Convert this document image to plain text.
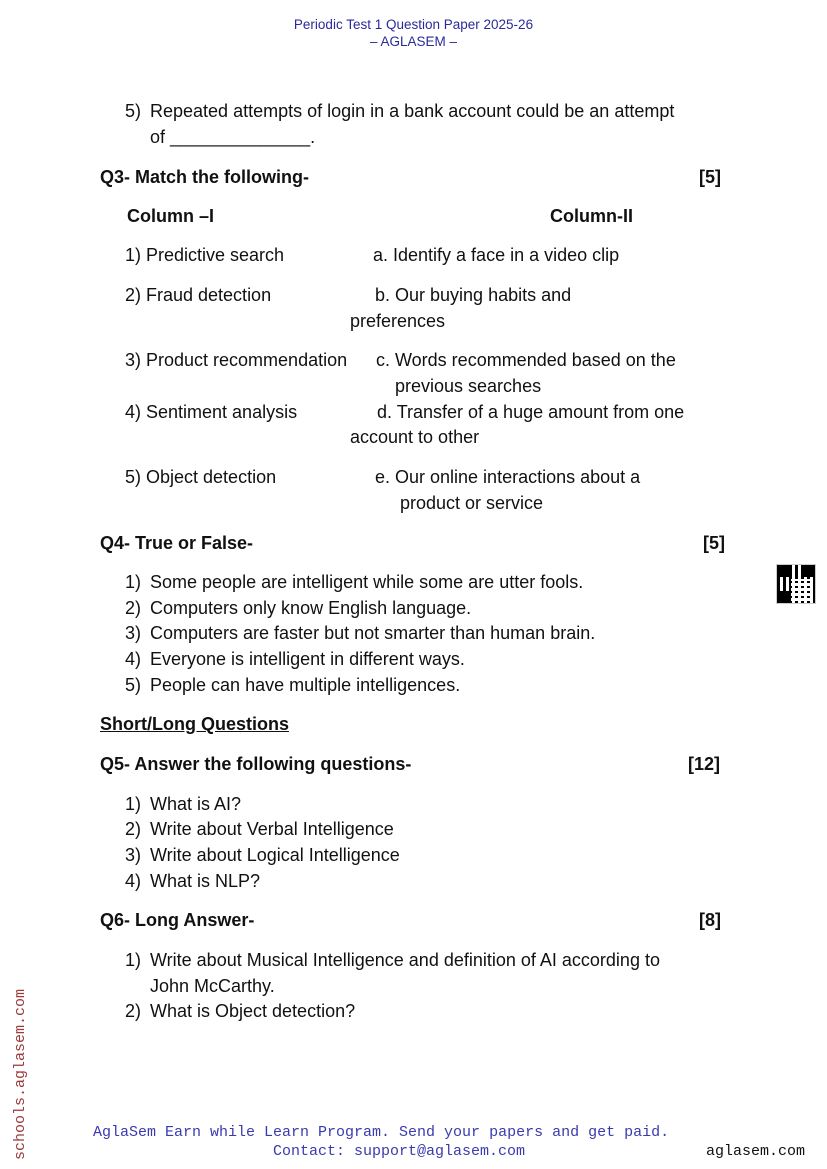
Periodic Test 1 Question Paper 2025-26
– AGLASEM –
5) Repeated attempts of login in a bank account could be an attempt
of ______________.
Q3- Match the following-	[5]
Column –I	Column-II
1) Predictive search	a. Identify a face in a video clip
2) Fraud detection	b. Our buying habits and
preferences
3) Product recommendation c. Words recommended based on the
previous searches
4) Sentiment analysis	d. Transfer of a huge amount from one
account to other
5) Object detection	e. Our online interactions about a
product or service
Q4- True or False-	[5]
1) Some people are intelligent while some are utter fools.
2) Computers only know English language.
3) Computers are faster but not smarter than human brain.
4) Everyone is intelligent in different ways.
5) People can have multiple intelligences.
Short/Long Questions
Q5- Answer the following questions-	[12]
1) What is AI?
2) Write about Verbal Intelligence
3) Write about Logical Intelligence
4) What is NLP?
Q6- Long Answer-	[8]
1) Write about Musical Intelligence and definition of AI according to
John McCarthy.
2) What is Object detection?
schools.aglasem.com	AglaSem Earn while Learn Program. Send your papers and get paid.
Contact: support@aglasem.com	aglasem.com
